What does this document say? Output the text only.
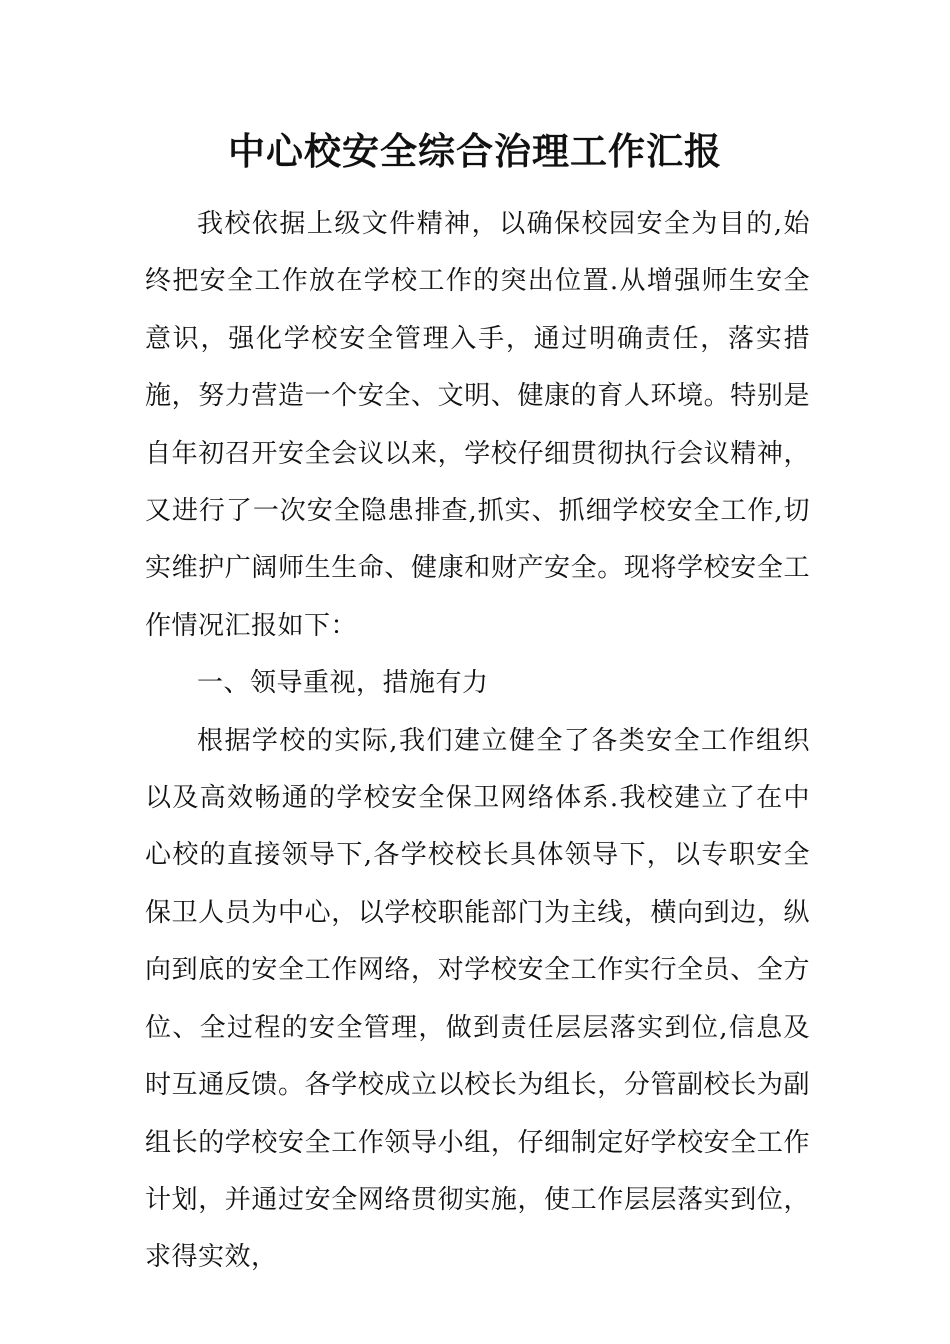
中心校安全综合治理工作汇报

我校依据上级文件精神，以确保校园安全为目的,始终把安全工作放在学校工作的突出位置.从增强师生安全意识，强化学校安全管理入手，通过明确责任，落实措施，努力营造一个安全、文明、健康的育人环境。特别是自年初召开安全会议以来，学校仔细贯彻执行会议精神，又进行了一次安全隐患排查,抓实、抓细学校安全工作,切实维护广阔师生生命、健康和财产安全。现将学校安全工作情况汇报如下：

一、领导重视，措施有力

根据学校的实际,我们建立健全了各类安全工作组织以及高效畅通的学校安全保卫网络体系.我校建立了在中心校的直接领导下,各学校校长具体领导下，以专职安全保卫人员为中心，以学校职能部门为主线，横向到边，纵向到底的安全工作网络，对学校安全工作实行全员、全方位、全过程的安全管理，做到责任层层落实到位,信息及时互通反馈。各学校成立以校长为组长，分管副校长为副组长的学校安全工作领导小组，仔细制定好学校安全工作计划，并通过安全网络贯彻实施，使工作层层落实到位，求得实效，
